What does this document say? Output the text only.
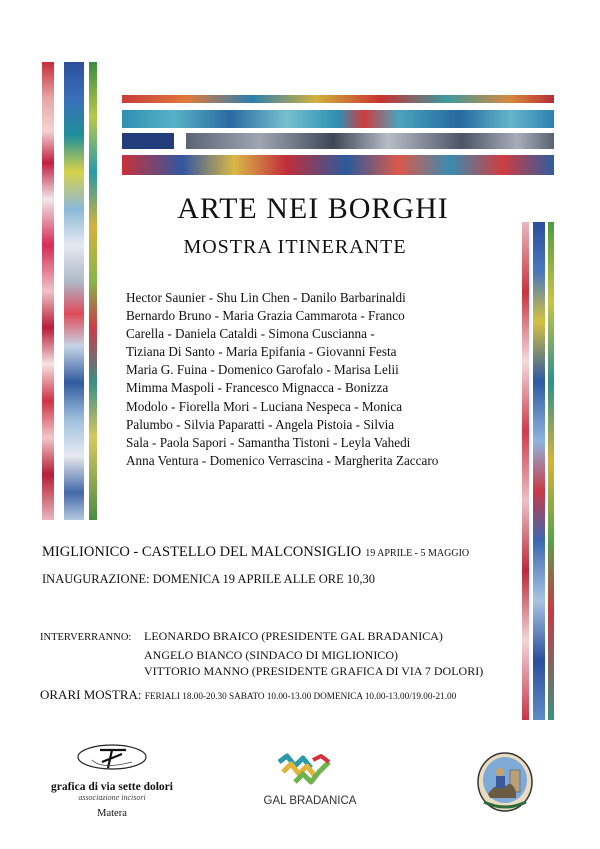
ARTE NEI BORGHI
MOSTRA ITINERANTE
Hector Saunier - Shu Lin Chen - Danilo Barbarinaldi
Bernardo Bruno - Maria Grazia Cammarota - Franco
Carella - Daniela Cataldi - Simona Cuscianna -
Tiziana Di Santo - Maria Epifania - Giovanni Festa
Maria G. Fuina - Domenico Garofalo - Marisa Lelii
Mimma Maspoli - Francesco Mignacca - Bonizza
Modolo - Fiorella Mori - Luciana Nespeca - Monica
Palumbo - Silvia Paparatti - Angela Pistoia - Silvia
Sala - Paola Sapori - Samantha Tistoni - Leyla Vahedi
Anna Ventura - Domenico Verrascina - Margherita Zaccaro
MIGLIONICO - CASTELLO DEL MALCONSIGLIO 19 APRILE - 5 MAGGIO
INAUGURAZIONE: DOMENICA 19 APRILE ALLE ORE 10,30
INTERVERRANNO: LEONARDO BRAICO (PRESIDENTE GAL BRADANICA)
ANGELO BIANCO (SINDACO DI MIGLIONICO)
VITTORIO MANNO (PRESIDENTE GRAFICA DI VIA 7 DOLORI)
ORARI MOSTRA: FERIALI 18.00-20.30 SABATO 10.00-13.00 DOMENICA 10.00-13.00/19.00-21.00
grafica di via sette dolori
associazione incisori
Matera
GAL BRADANICA
